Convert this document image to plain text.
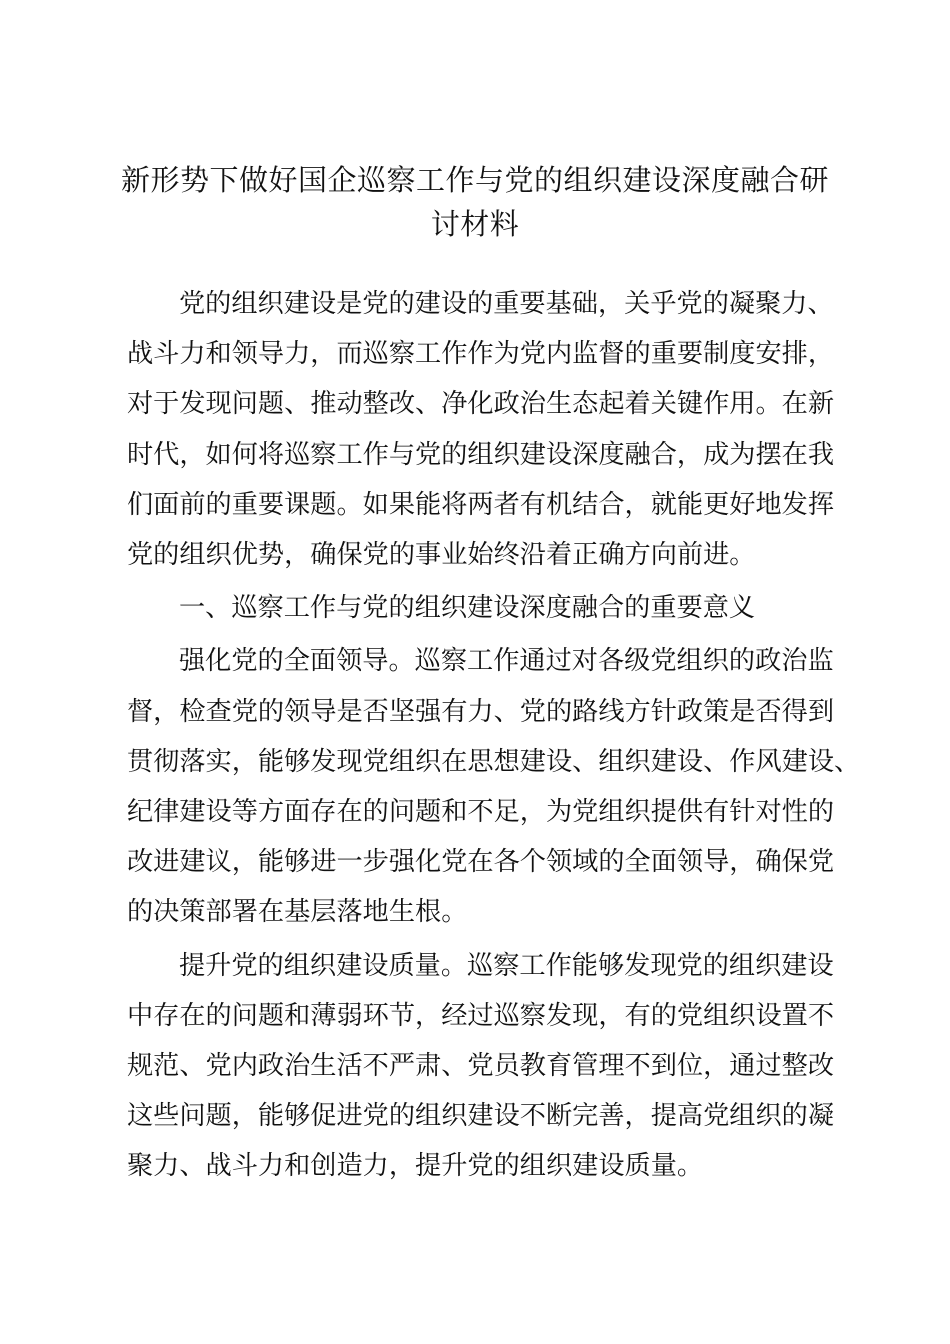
新形势下做好国企巡察工作与党的组织建设深度融合研
讨材料

党的组织建设是党的建设的重要基础，关乎党的凝聚力、
战斗力和领导力，而巡察工作作为党内监督的重要制度安排，
对于发现问题、推动整改、净化政治生态起着关键作用。在新
时代，如何将巡察工作与党的组织建设深度融合，成为摆在我
们面前的重要课题。如果能将两者有机结合，就能更好地发挥
党的组织优势，确保党的事业始终沿着正确方向前进。

一、巡察工作与党的组织建设深度融合的重要意义

强化党的全面领导。巡察工作通过对各级党组织的政治监
督，检查党的领导是否坚强有力、党的路线方针政策是否得到
贯彻落实，能够发现党组织在思想建设、组织建设、作风建设、
纪律建设等方面存在的问题和不足，为党组织提供有针对性的
改进建议，能够进一步强化党在各个领域的全面领导，确保党
的决策部署在基层落地生根。

提升党的组织建设质量。巡察工作能够发现党的组织建设
中存在的问题和薄弱环节，经过巡察发现，有的党组织设置不
规范、党内政治生活不严肃、党员教育管理不到位，通过整改
这些问题，能够促进党的组织建设不断完善，提高党组织的凝
聚力、战斗力和创造力，提升党的组织建设质量。
